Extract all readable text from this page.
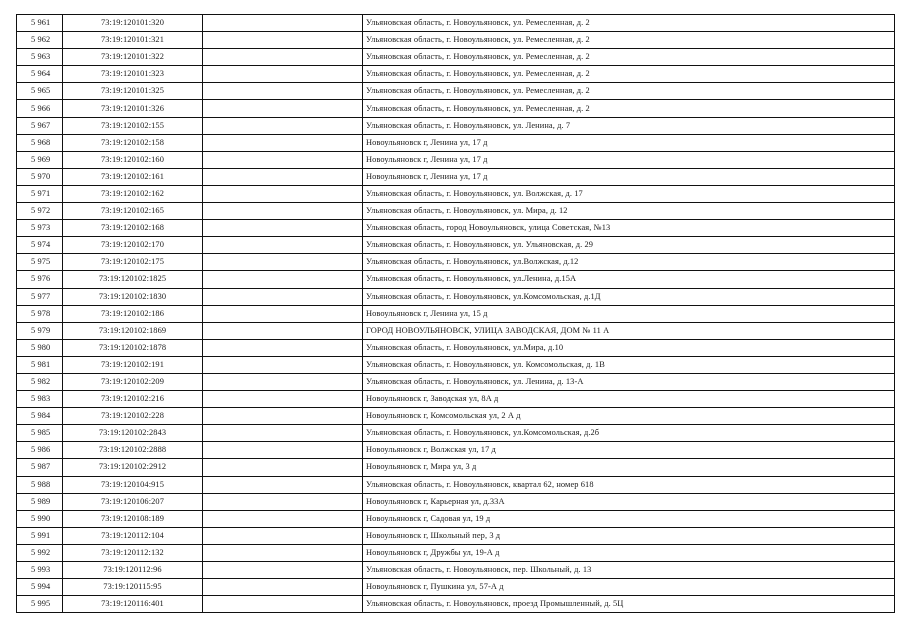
5 961	73:19:120101:320		Ульяновская область, г. Новоульяновск, ул. Ремесленная, д. 2
5 962	73:19:120101:321		Ульяновская область, г. Новоульяновск, ул. Ремесленная, д. 2
5 963	73:19:120101:322		Ульяновская область, г. Новоульяновск, ул. Ремесленная, д. 2
5 964	73:19:120101:323		Ульяновская область, г. Новоульяновск, ул. Ремесленная, д. 2
5 965	73:19:120101:325		Ульяновская область, г. Новоульяновск, ул. Ремесленная, д. 2
5 966	73:19:120101:326		Ульяновская область, г. Новоульяновск, ул. Ремесленная, д. 2
5 967	73:19:120102:155		Ульяновская область, г. Новоульяновск, ул. Ленина, д. 7
5 968	73:19:120102:158		Новоульяновск г, Ленина ул, 17 д
5 969	73:19:120102:160		Новоульяновск г, Ленина ул, 17 д
5 970	73:19:120102:161		Новоульяновск г, Ленина ул, 17 д
5 971	73:19:120102:162		Ульяновская область, г. Новоульяновск, ул. Волжская, д. 17
5 972	73:19:120102:165		Ульяновская область, г. Новоульяновск, ул. Мира, д. 12
5 973	73:19:120102:168		Ульяновская область, город Новоульяновск, улица Советская, №13
5 974	73:19:120102:170		Ульяновская область, г. Новоульяновск, ул. Ульяновская, д. 29
5 975	73:19:120102:175		Ульяновская область, г. Новоульяновск, ул.Волжская, д.12
5 976	73:19:120102:1825		Ульяновская область, г. Новоульяновск, ул.Ленина, д.15А
5 977	73:19:120102:1830		Ульяновская область, г. Новоульяновск, ул.Комсомольская, д.1Д
5 978	73:19:120102:186		Новоульяновск г, Ленина ул, 15 д
5 979	73:19:120102:1869		ГОРОД НОВОУЛЬЯНОВСК, УЛИЦА ЗАВОДСКАЯ, ДОМ № 11 А
5 980	73:19:120102:1878		Ульяновская область, г. Новоульяновск, ул.Мира, д.10
5 981	73:19:120102:191		Ульяновская область, г. Новоульяновск, ул. Комсомольская, д. 1В
5 982	73:19:120102:209		Ульяновская область, г. Новоульяновск, ул. Ленина, д. 13-А
5 983	73:19:120102:216		Новоульяновск г, Заводская ул, 8А д
5 984	73:19:120102:228		Новоульяновск г, Комсомольская ул, 2 А д
5 985	73:19:120102:2843		Ульяновская область, г. Новоульяновск, ул.Комсомольская, д.2б
5 986	73:19:120102:2888		Новоульяновск г, Волжская ул, 17 д
5 987	73:19:120102:2912		Новоульяновск г, Мира ул, 3 д
5 988	73:19:120104:915		Ульяновская область, г. Новоульяновск, квартал 62, номер 618
5 989	73:19:120106:207		Новоульяновск г, Карьерная ул, д.33А
5 990	73:19:120108:189		Новоульяновск г, Садовая ул, 19 д
5 991	73:19:120112:104		Новоульяновск г, Школьный пер, 3 д
5 992	73:19:120112:132		Новоульяновск г, Дружбы ул, 19-А д
5 993	73:19:120112:96		Ульяновская область, г. Новоульяновск, пер. Школьный, д. 13
5 994	73:19:120115:95		Новоульяновск г, Пушкина ул, 57-А д
5 995	73:19:120116:401		Ульяновская область, г. Новоульяновск, проезд Промышленный, д. 5Ц
